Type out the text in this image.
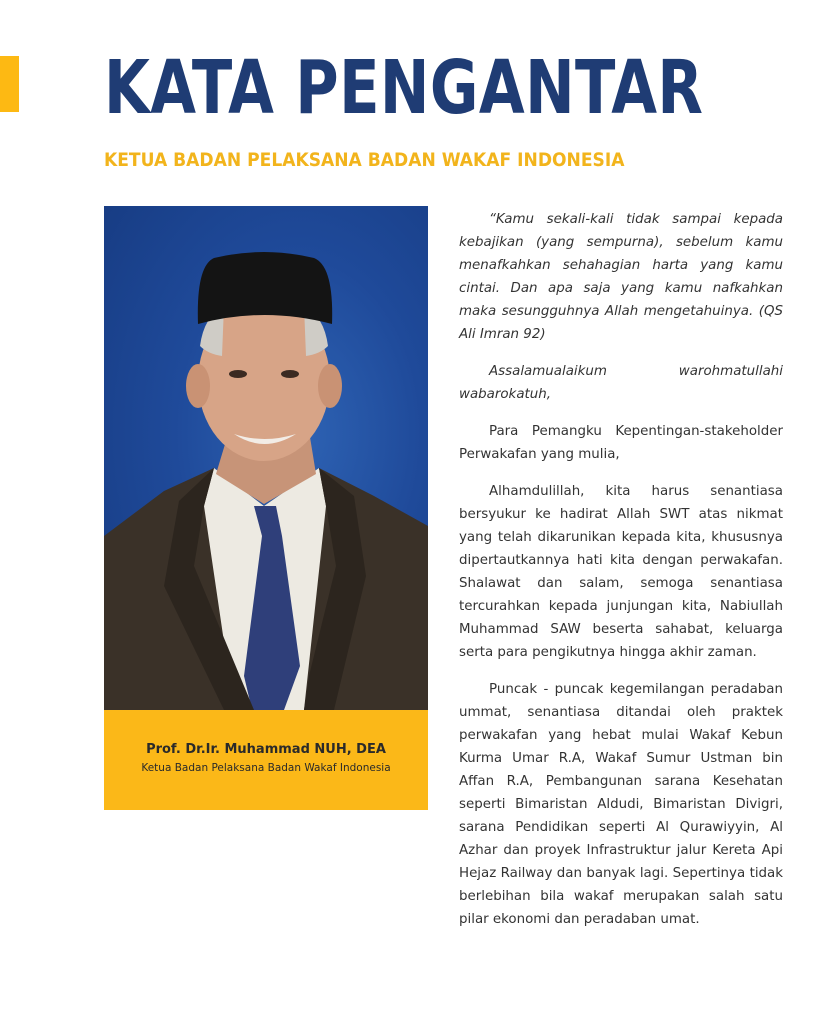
KATA PENGANTAR
KETUA BADAN PELAKSANA BADAN WAKAF INDONESIA

Prof. Dr.Ir. Muhammad NUH, DEA

Ketua Badan Pelaksana Badan Wakaf Indonesia

“Kamu sekali-kali tidak sampai kepada kebajikan (yang sempurna), sebelum kamu menafkahkan sehahagian harta yang kamu cintai. Dan apa saja yang kamu nafkahkan maka sesungguhnya Allah mengetahuinya. (QS Ali Imran 92)

Assalamualaikum warohmatullahi wabarokatuh,

Para Pemangku Kepentingan-stakeholder Perwakafan yang mulia,

Alhamdulillah, kita harus senantiasa bersyukur ke hadirat Allah SWT atas nikmat yang telah dikarunikan kepada kita, khususnya dipertautkannya hati kita dengan perwakafan. Shalawat dan salam, semoga senantiasa tercurahkan kepada junjungan kita, Nabiullah Muhammad SAW beserta sahabat, keluarga serta para pengikutnya hingga akhir zaman.

Puncak - puncak kegemilangan peradaban ummat, senantiasa ditandai oleh praktek perwakafan yang hebat mulai Wakaf Kebun Kurma Umar R.A, Wakaf Sumur Ustman bin Affan R.A, Pembangunan sarana Kesehatan seperti Bimaristan Aldudi, Bimaristan Divigri, sarana Pendidikan seperti Al Qurawiyyin, Al Azhar dan proyek Infrastruktur jalur Kereta Api Hejaz Railway dan banyak lagi. Sepertinya tidak berlebihan bila wakaf merupakan salah satu pilar ekonomi dan peradaban umat.
